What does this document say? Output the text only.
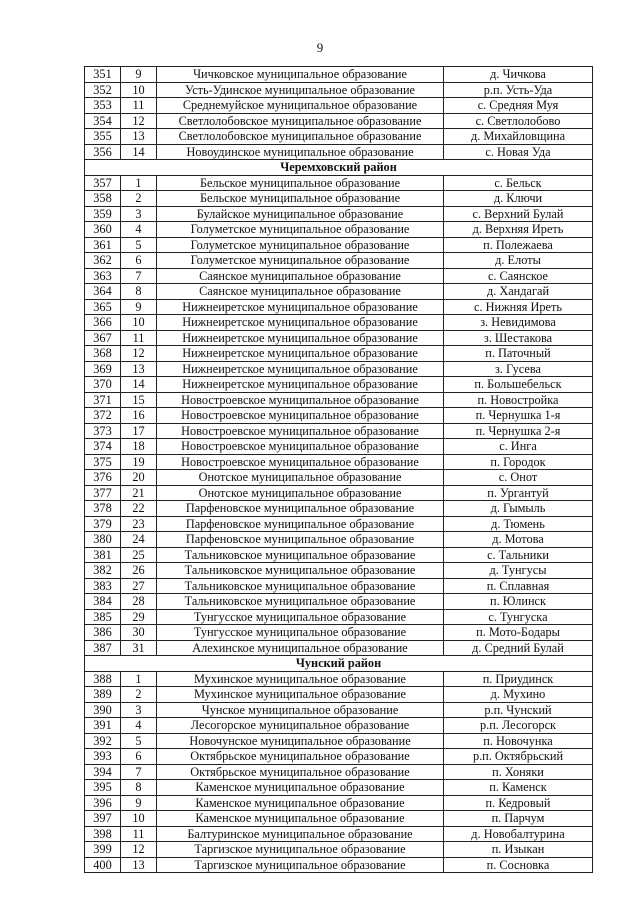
9
351	9	Чичковское муниципальное образование	д. Чичкова
352	10	Усть-Удинское муниципальное образование	р.п. Усть-Уда
353	11	Среднемуйское муниципальное образование	с. Средняя Муя
354	12	Светлолобовское муниципальное образование	с. Светлолобово
355	13	Светлолобовское муниципальное образование	д. Михайловщина
356	14	Новоудинское муниципальное образование	с. Новая Уда
Черемховский район			
357	1	Бельское муниципальное образование	с. Бельск
358	2	Бельское муниципальное образование	д. Ключи
359	3	Булайское муниципальное образование	с. Верхний Булай
360	4	Голуметское муниципальное образование	д. Верхняя Иреть
361	5	Голуметское муниципальное образование	п. Полежаева
362	6	Голуметское муниципальное образование	д. Елоты
363	7	Саянское муниципальное образование	с. Саянское
364	8	Саянское муниципальное образование	д. Хандагай
365	9	Нижнеиретское муниципальное образование	с. Нижняя Иреть
366	10	Нижнеиретское муниципальное образование	з. Невидимова
367	11	Нижнеиретское муниципальное образование	з. Шестакова
368	12	Нижнеиретское муниципальное образование	п. Паточный
369	13	Нижнеиретское муниципальное образование	з. Гусева
370	14	Нижнеиретское муниципальное образование	п. Большебельск
371	15	Новостроевское муниципальное образование	п. Новостройка
372	16	Новостроевское муниципальное образование	п. Чернушка 1-я
373	17	Новостроевское муниципальное образование	п. Чернушка 2-я
374	18	Новостроевское муниципальное образование	с. Инга
375	19	Новостроевское муниципальное образование	п. Городок
376	20	Онотское муниципальное образование	с. Онот
377	21	Онотское муниципальное образование	п. Ургантуй
378	22	Парфеновское муниципальное образование	д. Гымыль
379	23	Парфеновское муниципальное образование	д. Тюмень
380	24	Парфеновское муниципальное образование	д. Мотова
381	25	Тальниковское муниципальное образование	с. Тальники
382	26	Тальниковское муниципальное образование	д. Тунгусы
383	27	Тальниковское муниципальное образование	п. Сплавная
384	28	Тальниковское муниципальное образование	п. Юлинск
385	29	Тунгусское муниципальное образование	с. Тунгуска
386	30	Тунгусское муниципальное образование	п. Мото-Бодары
387	31	Алехинское муниципальное образование	д. Средний Булай
Чунский район			
388	1	Мухинское муниципальное образование	п. Приудинск
389	2	Мухинское муниципальное образование	д. Мухино
390	3	Чунское муниципальное образование	р.п. Чунский
391	4	Лесогорское муниципальное образование	р.п. Лесогорск
392	5	Новочунское муниципальное образование	п. Новочунка
393	6	Октябрьское муниципальное образование	р.п. Октябрьский
394	7	Октябрьское муниципальное образование	п. Хоняки
395	8	Каменское муниципальное образование	п. Каменск
396	9	Каменское муниципальное образование	п. Кедровый
397	10	Каменское муниципальное образование	п. Парчум
398	11	Балтуринское муниципальное образование	д. Новобалтурина
399	12	Таргизское муниципальное образование	п. Изыкан
400	13	Таргизское муниципальное образование	п. Сосновка
